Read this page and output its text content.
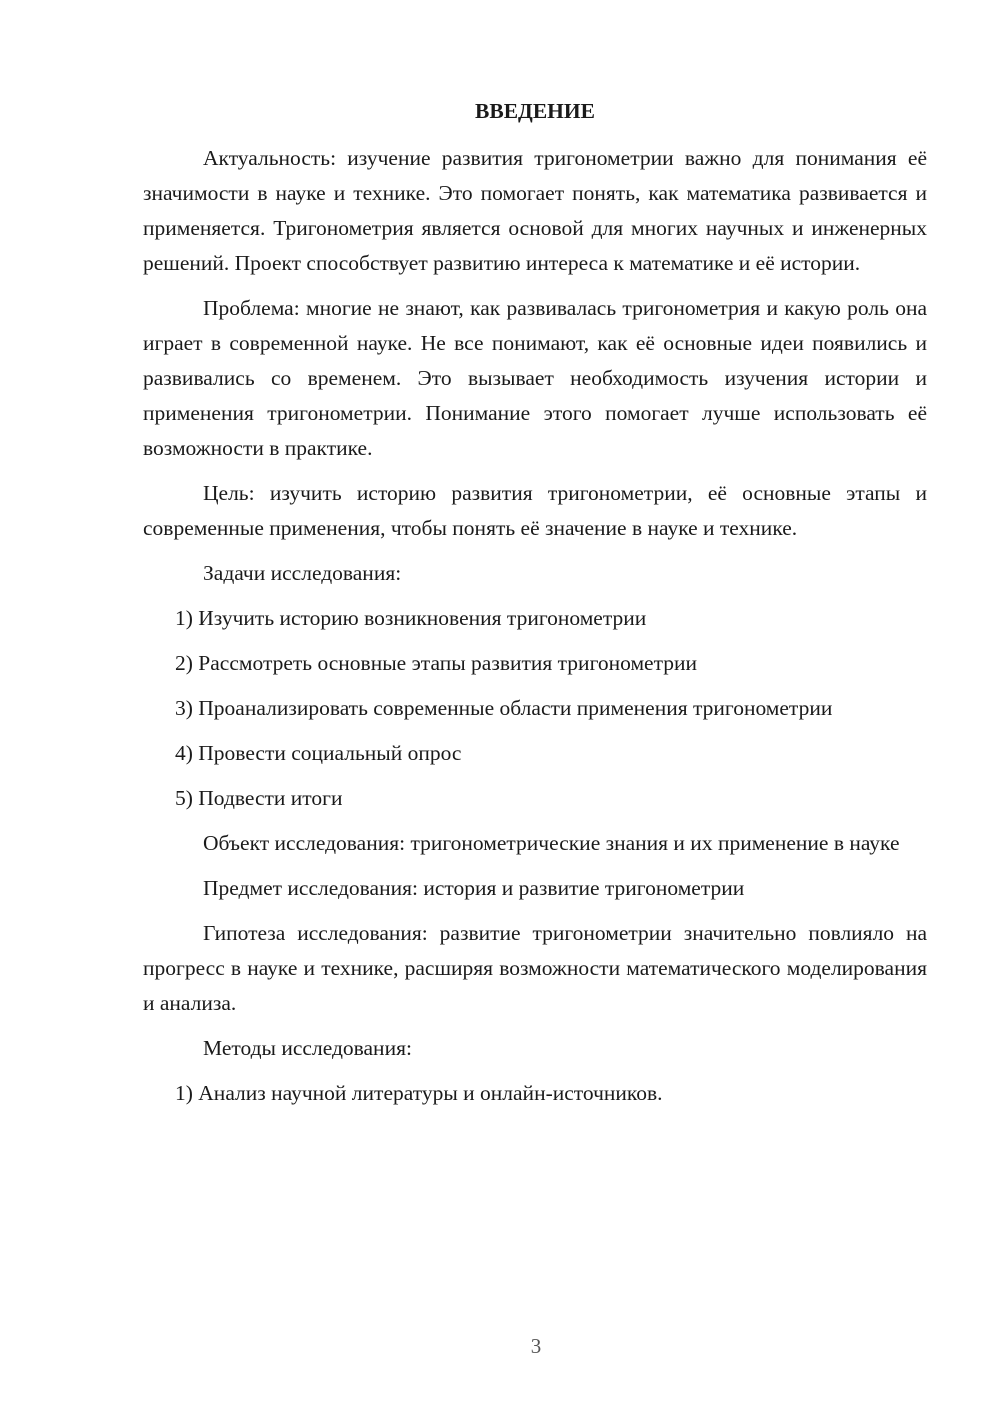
ВВЕДЕНИЕ

Актуальность: изучение развития тригонометрии важно для понимания её значимости в науке и технике. Это помогает понять, как математика развивается и применяется. Тригонометрия является основой для многих научных и инженерных решений. Проект способствует развитию интереса к математике и её истории.

Проблема: многие не знают, как развивалась тригонометрия и какую роль она играет в современной науке. Не все понимают, как её основные идеи появились и развивались со временем. Это вызывает необходимость изучения истории и применения тригонометрии. Понимание этого помогает лучше использовать её возможности в практике.

Цель: изучить историю развития тригонометрии, её основные этапы и современные применения, чтобы понять её значение в науке и технике.

Задачи исследования:

1) Изучить историю возникновения тригонометрии

2) Рассмотреть основные этапы развития тригонометрии

3) Проанализировать современные области применения тригонометрии

4) Провести социальный опрос

5) Подвести итоги

Объект исследования: тригонометрические знания и их применение в науке

Предмет исследования: история и развитие тригонометрии

Гипотеза исследования: развитие тригонометрии значительно повлияло на прогресс в науке и технике, расширяя возможности математического моделирования и анализа.

Методы исследования:

1) Анализ научной литературы и онлайн-источников.

3
